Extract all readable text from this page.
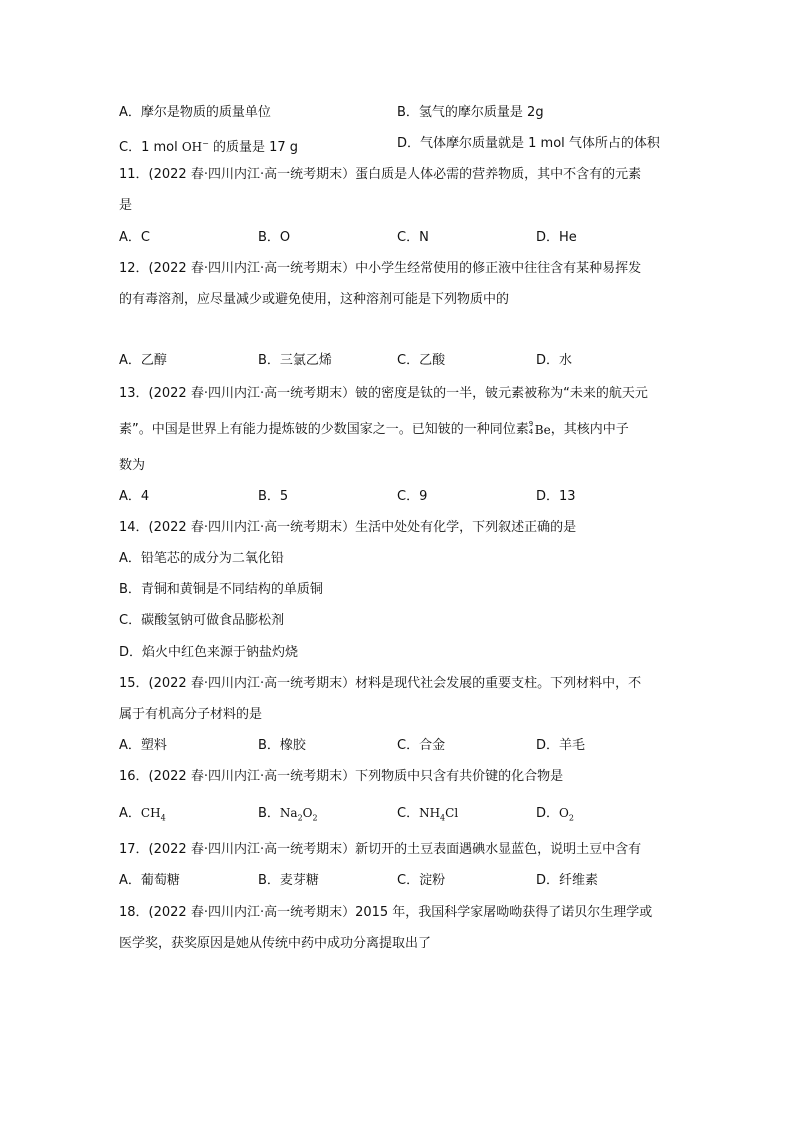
A．摩尔是物质的质量单位	B．氢气的摩尔质量是 2g
C．1 mol OH− 的质量是 17 g	D．气体摩尔质量就是 1 mol 气体所占的体积
11．(2022 春·四川内江·高一统考期末）蛋白质是人体必需的营养物质，其中不含有的元素
是
A．C	B．O	C．N	D．He
12．(2022 春·四川内江·高一统考期末）中小学生经常使用的修正液中往往含有某种易挥发
的有毒溶剂，应尽量减少或避免使用，这种溶剂可能是下列物质中的
A．乙醇	B．三氯乙烯	C．乙酸	D．水
13．(2022 春·四川内江·高一统考期末）铍的密度是钛的一半，铍元素被称为“未来的航天元
素”。中国是世界上有能力提炼铍的少数国家之一。已知铍的一种同位素 9
4 Be ，其核内中子
数为
A．4	B．5	C．9	D．13
14．(2022 春·四川内江·高一统考期末）生活中处处有化学，下列叙述正确的是
A．铅笔芯的成分为二氧化铅
B．青铜和黄铜是不同结构的单质铜
C．碳酸氢钠可做食品膨松剂
D．焰火中红色来源于钠盐灼烧
15．(2022 春·四川内江·高一统考期末）材料是现代社会发展的重要支柱。下列材料中，不
属于有机高分子材料的是
A．塑料	B．橡胶	C．合金	D．羊毛
16．(2022 春·四川内江·高一统考期末）下列物质中只含有共价键的化合物是
A．$CH_4$	B．$Na_2O_2$	C．$NH_4Cl$	D．$O_2$
17．(2022 春·四川内江·高一统考期末）新切开的土豆表面遇碘水显蓝色，说明土豆中含有
A．葡萄糖	B．麦芽糖	C．淀粉	D．纤维素
18．(2022 春·四川内江·高一统考期末）2015 年，我国科学家屠呦呦获得了诺贝尔生理学或
医学奖，获奖原因是她从传统中药中成功分离提取出了
